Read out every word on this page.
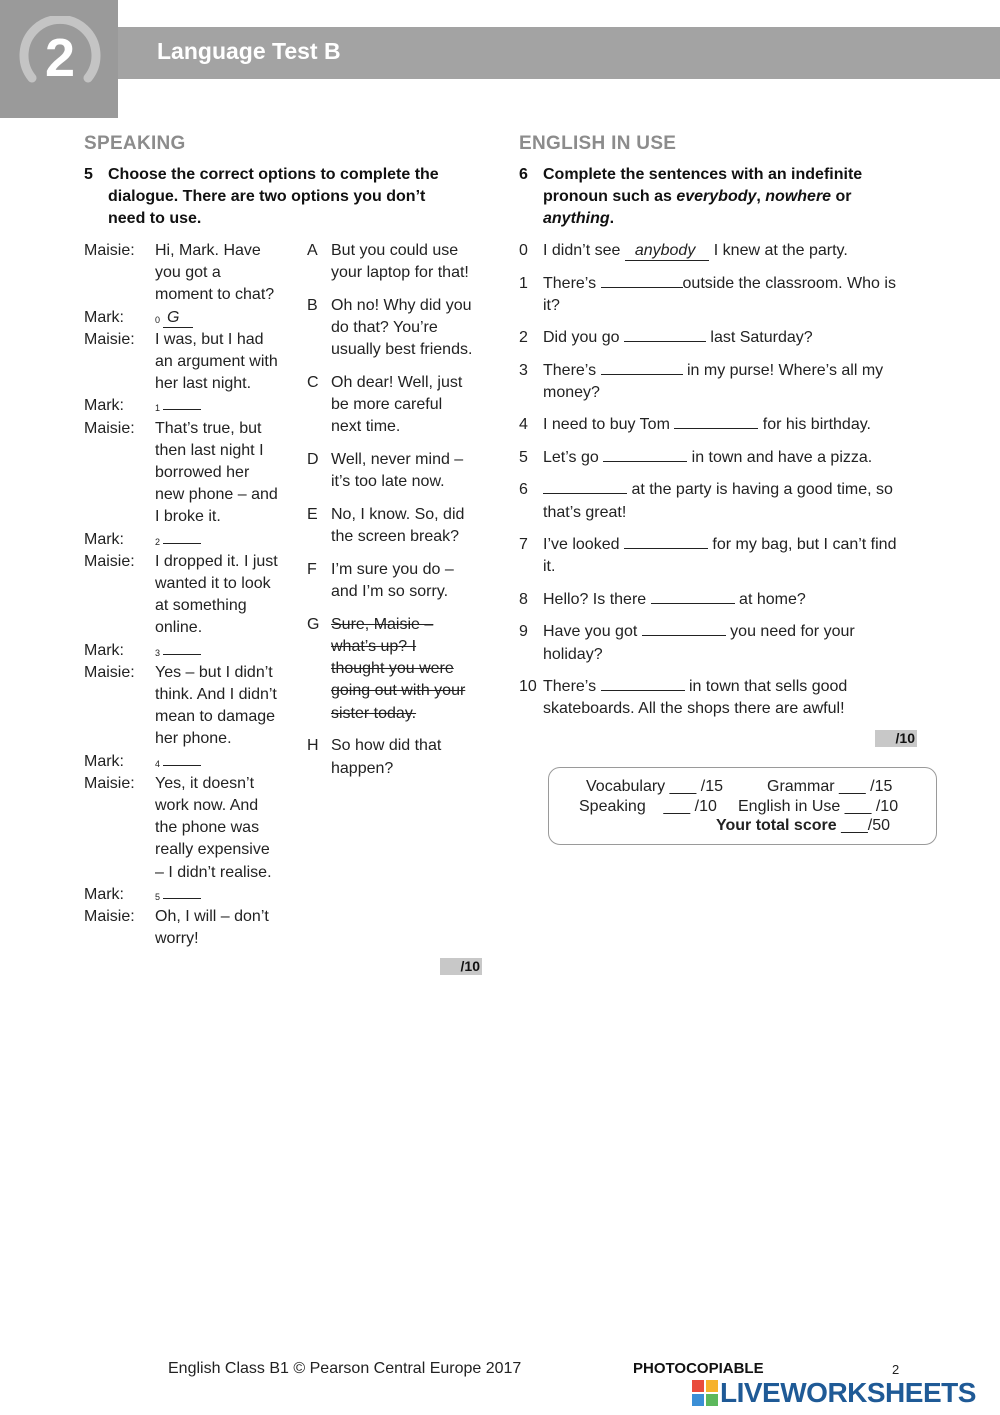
2	Language Test B
SPEAKING
5 Choose the correct options to complete the
dialogue. There are two options you don’t
need to use.
Maisie: Hi, Mark. Have
you got a
moment to chat?
Mark:	$^0$ G
Maisie: I was, but I had
an argument with
her last night.
Mark:	$^1$
Maisie: That’s true, but
then last night I
borrowed her
new phone – and
I broke it.
Mark:	$^2$
Maisie: I dropped it. I just
wanted it to look
at something
online.
Mark:	$^3$
Maisie: Yes – but I didn’t
think. And I didn’t
mean to damage
her phone.
Mark:	$^4$
Maisie: Yes, it doesn’t
work now. And
the phone was
really expensive
– I didn’t realise.
Mark:	$^5$
Maisie: Oh, I will – don’t
worry!
A But you could use
your laptop for that!
B Oh no! Why did you
do that? You’re
usually best friends.
C Oh dear! Well, just
be more careful
next time.
D Well, never mind –
it’s too late now.
E No, I know. So, did
the screen break?
F I’m sure you do –
and I’m so sorry.
G Sure, Maisie –
what’s up? I
thought you were
going out with your
sister today.
H So how did that
happen?
/10
ENGLISH IN USE
6 Complete the sentences with an indefinite
pronoun such as everybody, nowhere or
anything.
0 I didn’t see anybody I knew at the party.
1 There’s	outside the classroom. Who is
it?
2 Did you go	last Saturday?
3 There’s	in my purse! Where’s all my
money?
4 I need to buy Tom	for his birthday.
5 Let’s go	in town and have a pizza.
6	at the party is having a good time, so
that’s great!
7 I’ve looked	for my bag, but I can’t find
it.
8 Hello? Is there	at home?
9 Have you got	you need for your
holiday?
10 There’s	in town that sells good
skateboards. All the shops there are awful!
/10
Vocabulary ___ /15	Grammar ___ /15
Speaking    ___ /10 English in Use ___ /10
Your total score ___/50
English Class B1 © Pearson Central Europe 2017	PHOTOCOPIABLE	2
LIVEWORKSHEETS
